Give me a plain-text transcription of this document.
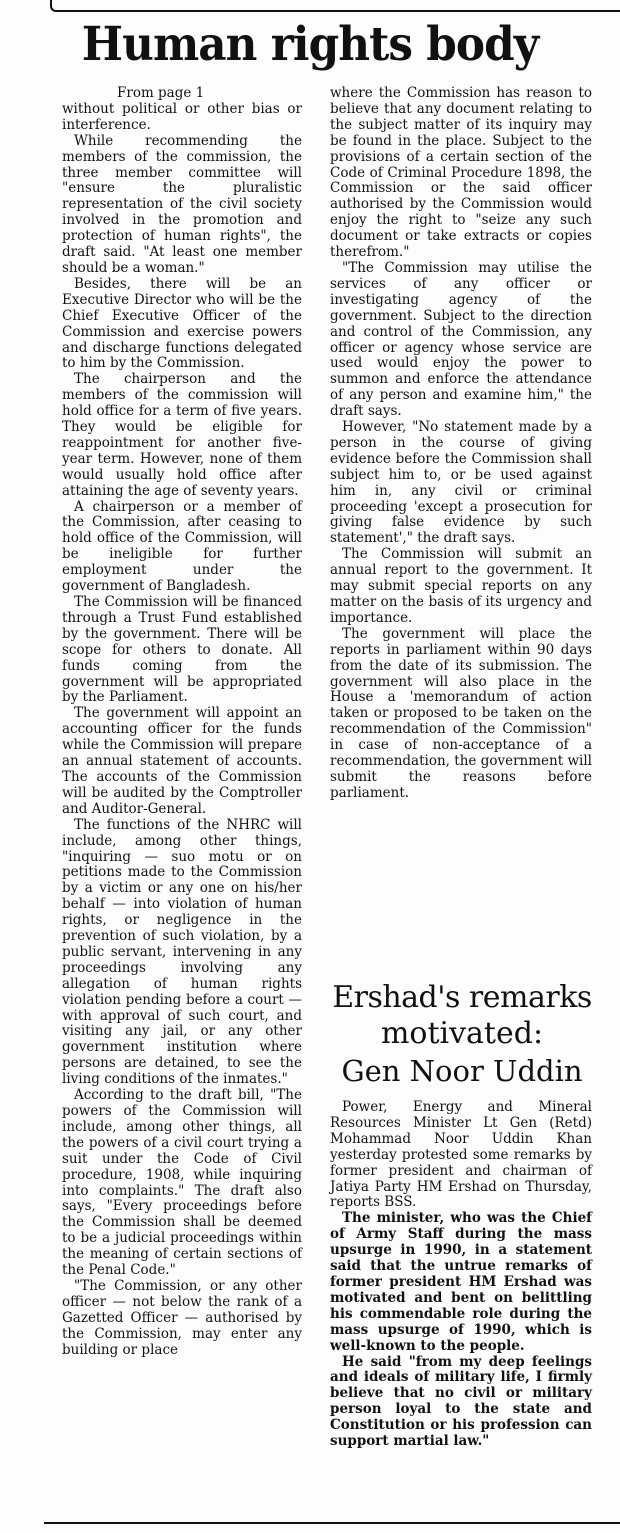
Human rights body

From page 1

without political or other bias or interference.

While recommending the members of the commission, the three member committee will "ensure the pluralistic representation of the civil society involved in the promotion and protection of human rights", the draft said. "At least one member should be a woman."

Besides, there will be an Executive Director who will be the Chief Executive Officer of the Commission and exercise powers and discharge functions delegated to him by the Commission.

The chairperson and the members of the commission will hold office for a term of five years. They would be eligible for reappointment for another five-year term. However, none of them would usually hold office after attaining the age of seventy years.

A chairperson or a member of the Commission, after ceasing to hold office of the Commission, will be ineligible for further employment under the government of Bangladesh.

The Commission will be financed through a Trust Fund established by the government. There will be scope for others to donate. All funds coming from the government will be appropriated by the Parliament.

The government will appoint an accounting officer for the funds while the Commission will prepare an annual statement of accounts. The accounts of the Commission will be audited by the Comptroller and Auditor-General.

The functions of the NHRC will include, among other things, "inquiring — suo motu or on petitions made to the Commission by a victim or any one on his/her behalf — into violation of human rights, or negligence in the prevention of such violation, by a public servant, intervening in any proceedings involving any allegation of human rights violation pending before a court — with approval of such court, and visiting any jail, or any other government institution where persons are detained, to see the living conditions of the inmates."

According to the draft bill, "The powers of the Commission will include, among other things, all the powers of a civil court trying a suit under the Code of Civil procedure, 1908, while inquiring into complaints." The draft also says, "Every proceedings before the Commission shall be deemed to be a judicial proceedings within the meaning of certain sections of the Penal Code."

"The Commission, or any other officer — not below the rank of a Gazetted Officer — authorised by the Commission, may enter any building or place

where the Commission has reason to believe that any document relating to the subject matter of its inquiry may be found in the place. Subject to the provisions of a certain section of the Code of Criminal Procedure 1898, the Commission or the said officer authorised by the Commission would enjoy the right to "seize any such document or take extracts or copies therefrom."

"The Commission may utilise the services of any officer or investigating agency of the government. Subject to the direction and control of the Commission, any officer or agency whose service are used would enjoy the power to summon and enforce the attendance of any person and examine him," the draft says.

However, "No statement made by a person in the course of giving evidence before the Commission shall subject him to, or be used against him in, any civil or criminal proceeding 'except a prosecution for giving false evidence by such statement'," the draft says.

The Commission will submit an annual report to the government. It may submit special reports on any matter on the basis of its urgency and importance.

The government will place the reports in parliament within 90 days from the date of its submission. The government will also place in the House a 'memorandum of action taken or proposed to be taken on the recommendation of the Commission" in case of non-acceptance of a recommendation, the government will submit the reasons before parliament.

Ershad's remarks
motivated:
Gen Noor Uddin

Power, Energy and Mineral Resources Minister Lt Gen (Retd) Mohammad Noor Uddin Khan yesterday protested some remarks by former president and chairman of Jatiya Party HM Ershad on Thursday, reports BSS.

The minister, who was the Chief of Army Staff during the mass upsurge in 1990, in a statement said that the untrue remarks of former president HM Ershad was motivated and bent on belittling his commendable role during the mass upsurge of 1990, which is well-known to the people.

He said "from my deep feelings and ideals of military life, I firmly believe that no civil or military person loyal to the state and Constitution or his profession can support martial law."
